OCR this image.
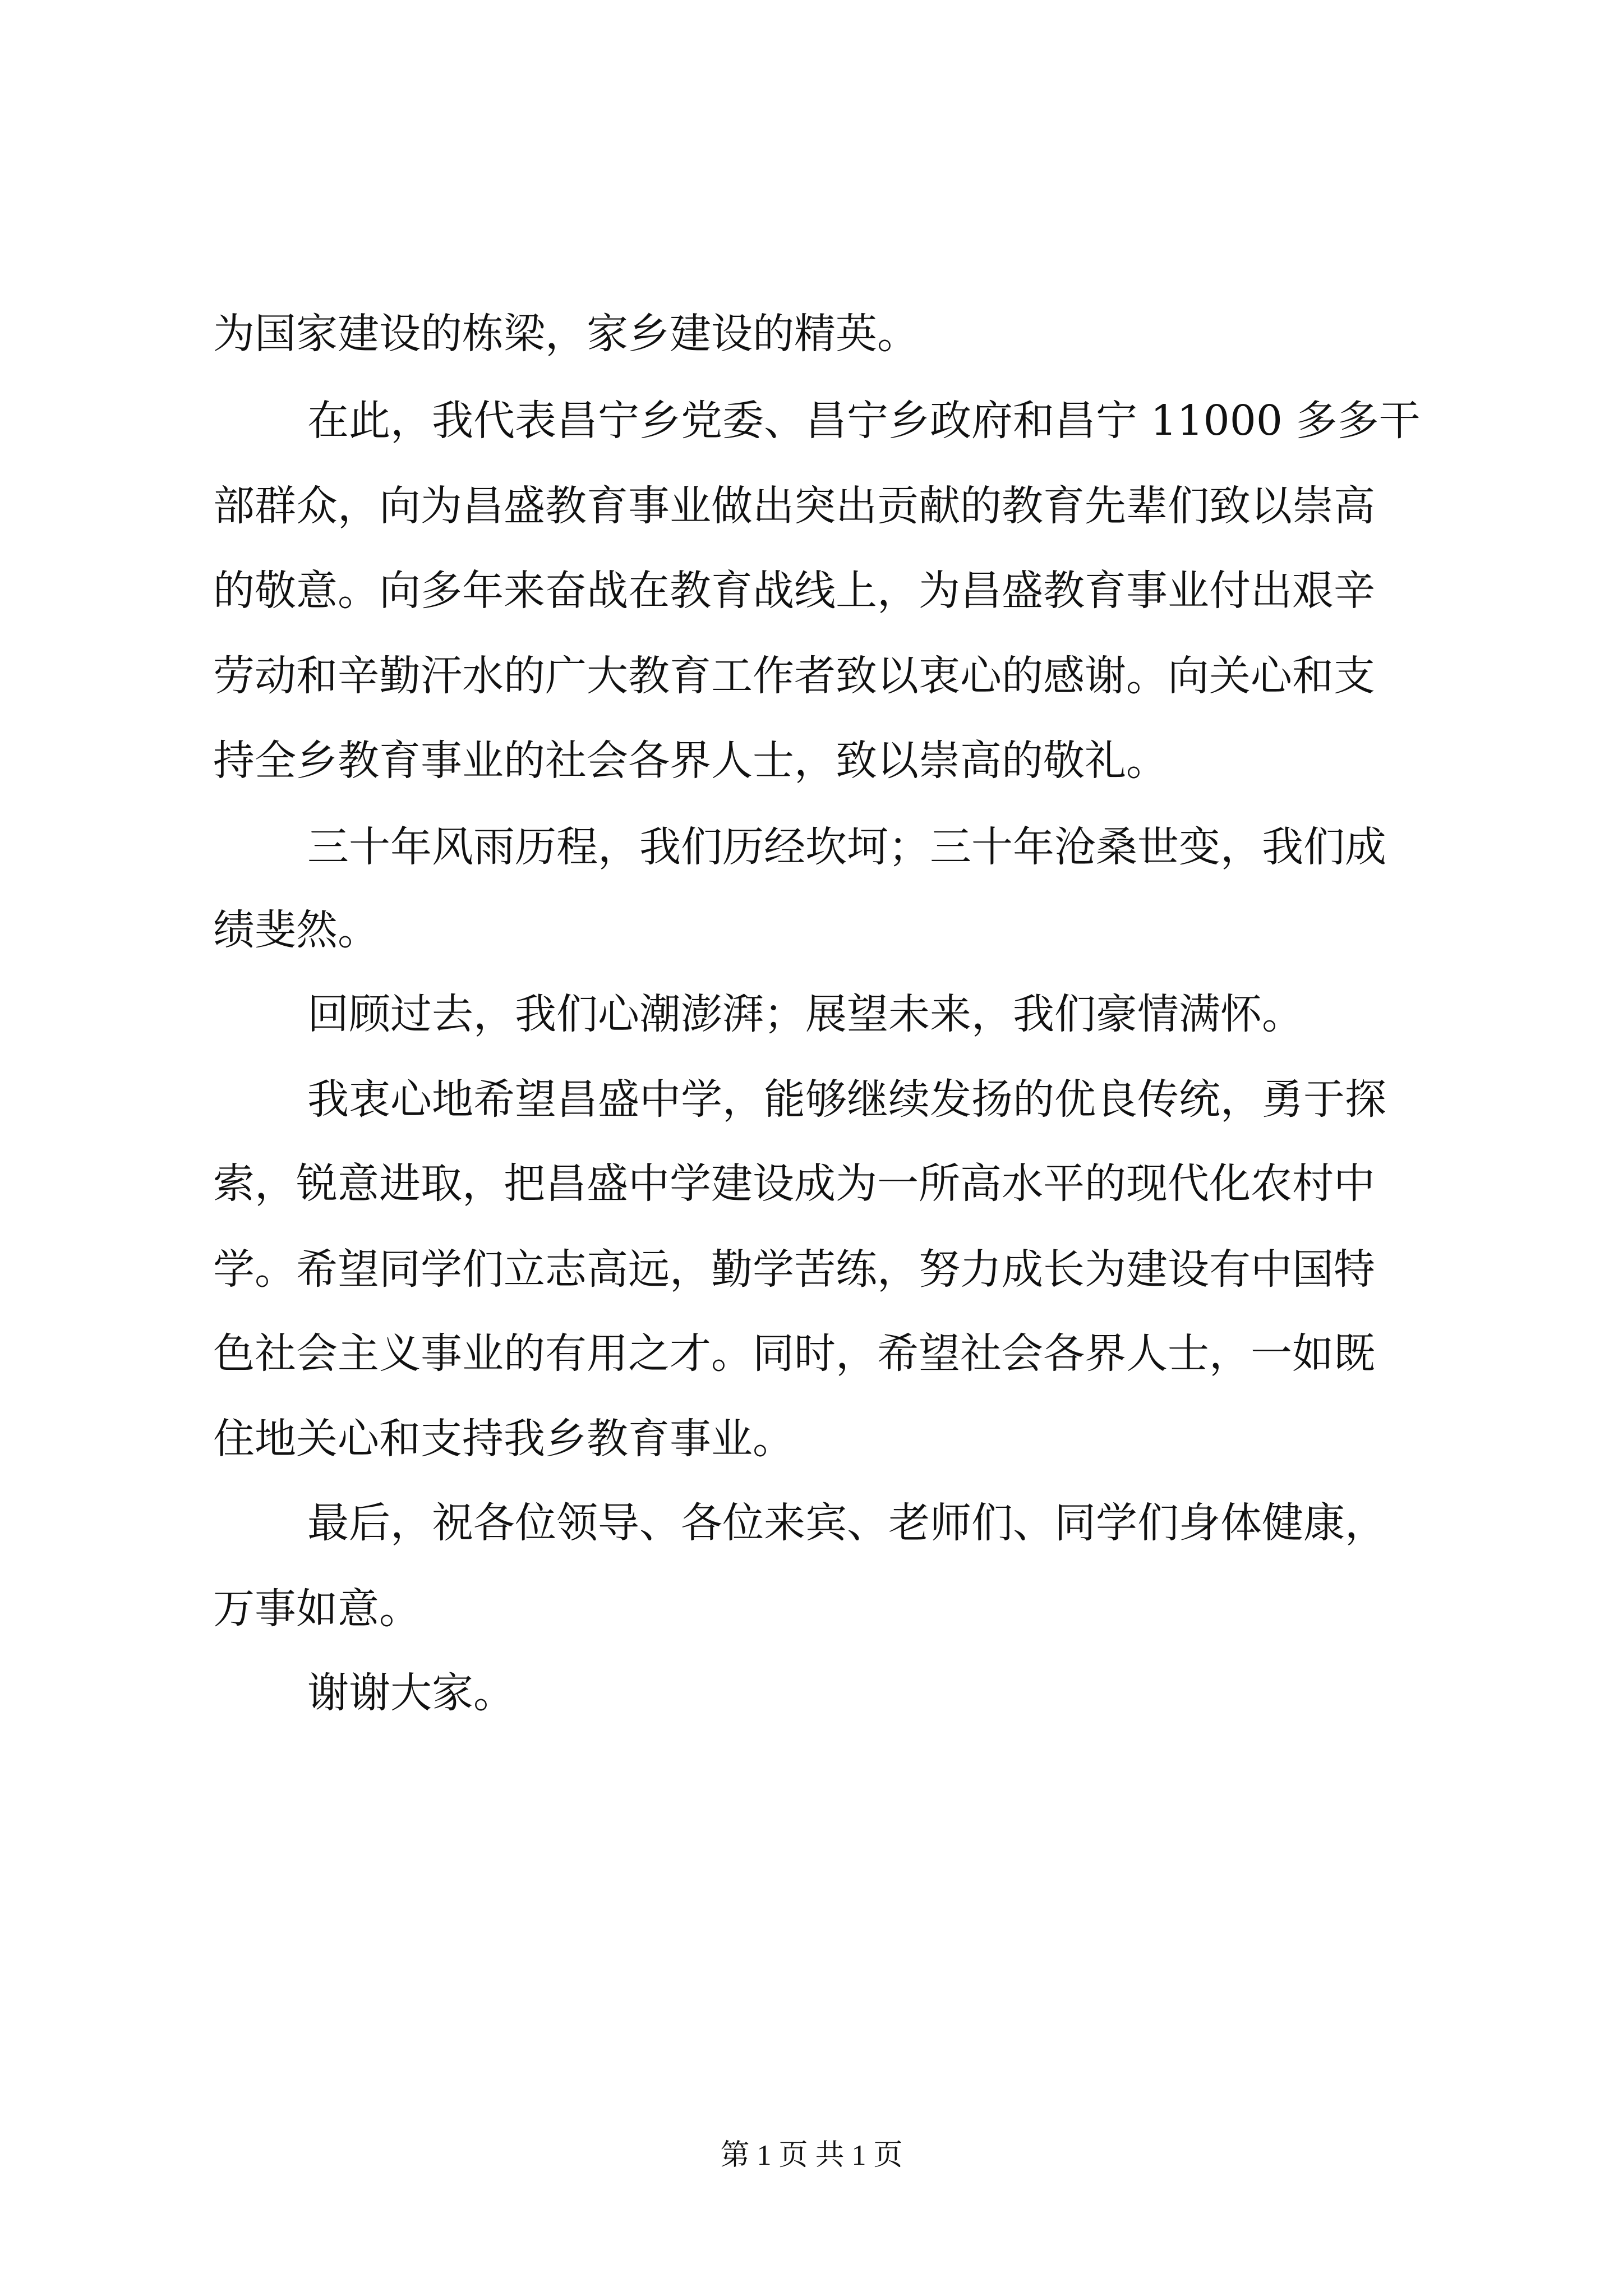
为国家建设的栋梁，家乡建设的精英。
在此，我代表昌宁乡党委、昌宁乡政府和昌宁 11000 多多干
部群众，向为昌盛教育事业做出突出贡献的教育先辈们致以崇高
的敬意。向多年来奋战在教育战线上，为昌盛教育事业付出艰辛
劳动和辛勤汗水的广大教育工作者致以衷心的感谢。向关心和支
持全乡教育事业的社会各界人士，致以崇高的敬礼。
三十年风雨历程，我们历经坎坷；三十年沧桑世变，我们成
绩斐然。
回顾过去，我们心潮澎湃；展望未来，我们豪情满怀。
我衷心地希望昌盛中学，能够继续发扬的优良传统，勇于探
索，锐意进取，把昌盛中学建设成为一所高水平的现代化农村中
学。希望同学们立志高远，勤学苦练，努力成长为建设有中国特
色社会主义事业的有用之才。同时，希望社会各界人士，一如既
住地关心和支持我乡教育事业。
最后，祝各位领导、各位来宾、老师们、同学们身体健康，
万事如意。
谢谢大家。
第 1 页 共 1 页
